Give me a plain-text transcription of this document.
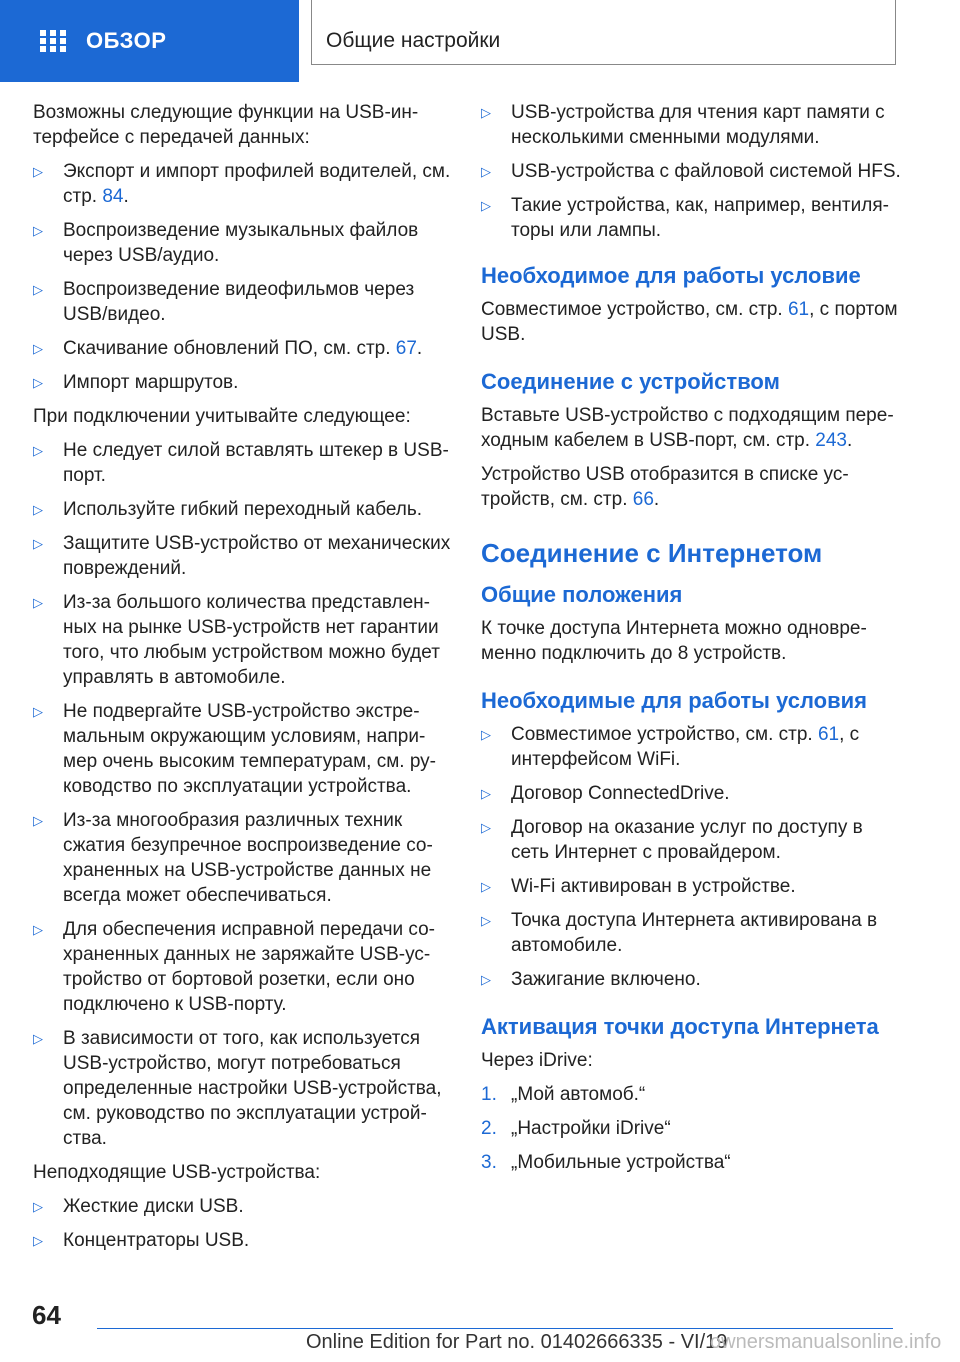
ОБЗОР	Общие настройки

Возможны следующие функции на USB-ин-терфейсе с передачей данных:

▷ Экспорт и импорт профилей водителей, см. стр. 84.
▷ Воспроизведение музыкальных файлов через USB/аудио.
▷ Воспроизведение видеофильмов через USB/видео.
▷ Скачивание обновлений ПО, см. стр. 67.
▷ Импорт маршрутов.

При подключении учитывайте следующее:

▷ Не следует силой вставлять штекер в USB-порт.
▷ Используйте гибкий переходный кабель.
▷ Защитите USB-устройство от механических повреждений.
▷ Из-за большого количества представлен-ных на рынке USB-устройств нет гарантии того, что любым устройством можно будет управлять в автомобиле.
▷ Не подвергайте USB-устройство экстре-мальным окружающим условиям, напри-мер очень высоким температурам, см. ру-ководство по эксплуатации устройства.
▷ Из-за многообразия различных техник сжатия безупречное воспроизведение со-храненных на USB-устройстве данных не всегда может обеспечиваться.
▷ Для обеспечения исправной передачи со-храненных данных не заряжайте USB-ус-тройство от бортовой розетки, если оно подключено к USB-порту.
▷ В зависимости от того, как используется USB-устройство, могут потребоваться определенные настройки USB-устройства, см. руководство по эксплуатации устрой-ства.

Неподходящие USB-устройства:

▷ Жесткие диски USB.
▷ Концентраторы USB.
▷ USB-устройства для чтения карт памяти с несколькими сменными модулями.
▷ USB-устройства с файловой системой HFS.
▷ Такие устройства, как, например, вентиля-торы или лампы.
Необходимое для работы условие

Совместимое устройство, см. стр. 61, с портом USB.

Соединение с устройством

Вставьте USB-устройство с подходящим пере-ходным кабелем в USB-порт, см. стр. 243.

Устройство USB отобразится в списке ус-тройств, см. стр. 66.

Соединение с Интернетом
Общие положения

К точке доступа Интернета можно одновре-менно подключить до 8 устройств.

Необходимые для работы условия
▷ Совместимое устройство, см. стр. 61, с интерфейсом WiFi.
▷ Договор ConnectedDrive.
▷ Договор на оказание услуг по доступу в сеть Интернет с провайдером.
▷ Wi-Fi активирован в устройстве.
▷ Точка доступа Интернета активирована в автомобиле.
▷ Зажигание включено.
Активация точки доступа Интернета

Через iDrive:

1. „Мой автомоб.“
2. „Настройки iDrive“
3. „Мобильные устройства“
64
Online Edition for Part no. 01402666335 - VI/19
ownersmanualsonline.info
